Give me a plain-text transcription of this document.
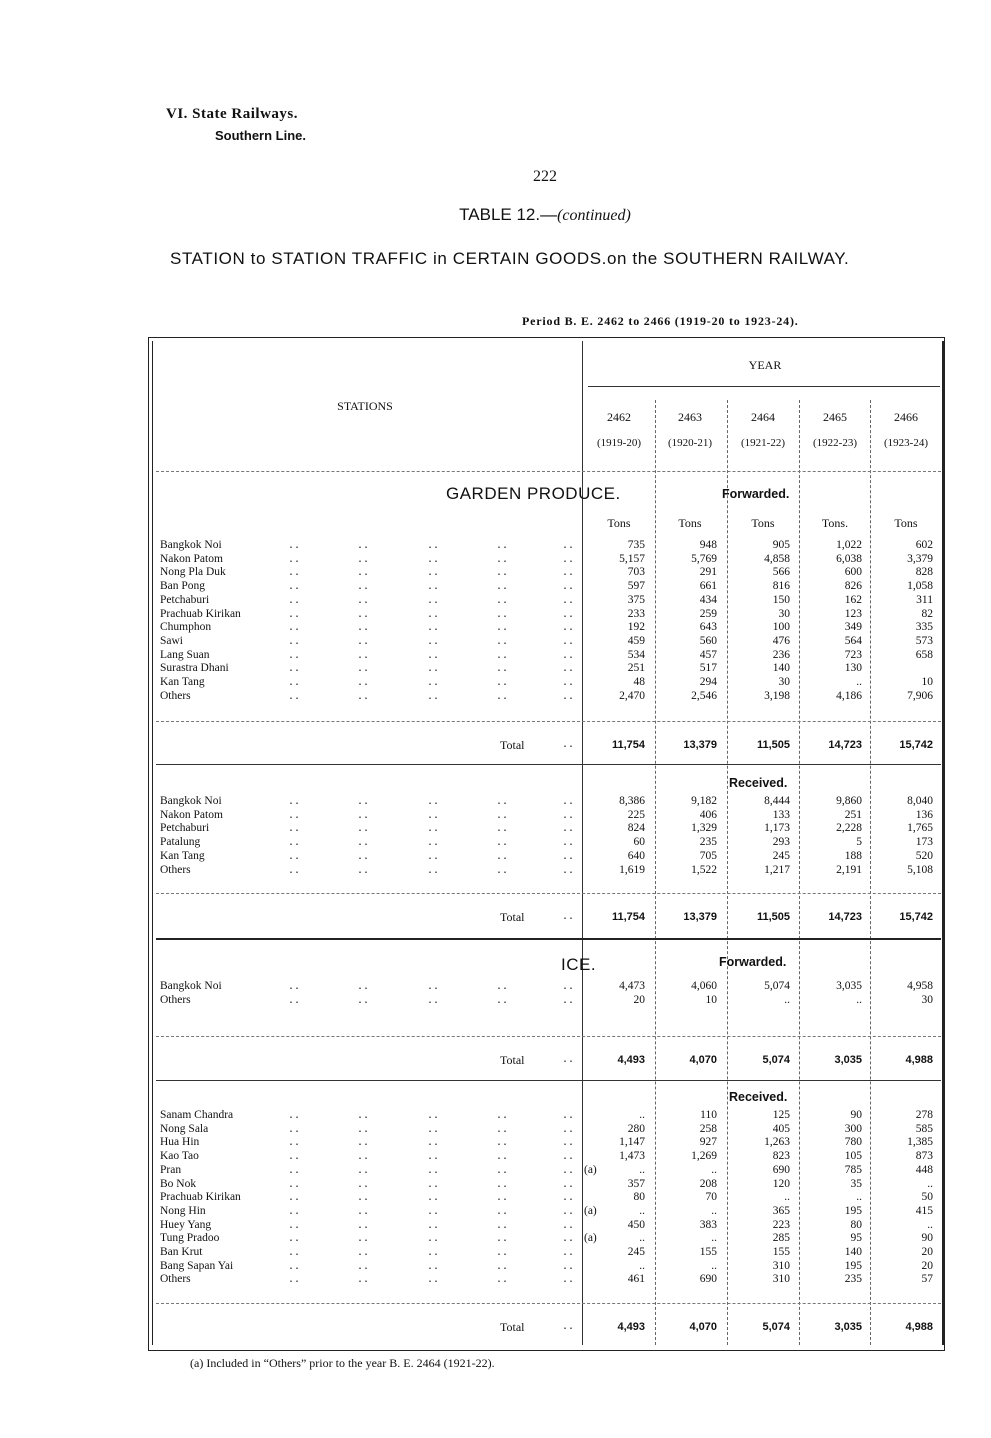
VI. State Railways.
Southern Line.
222
TABLE 12.—(continued)
STATION to STATION TRAFFIC in CERTAIN GOODS.on the SOUTHERN RAILWAY.
Period B. E. 2462 to 2466 (1919-20 to 1923-24).
STATIONS
YEAR
2462
(1919-20)
2463
(1920-21)
2464
(1921-22)
2465
(1922-23)
2466
(1923-24)
Tons	Tons	Tons	Tons.	Tons
GARDEN PRODUCE.	Forwarded.
Bangkok Noi	..	..	..	..	..	735	948	905	1,022	602
Nakon Patom	..	..	..	..	..	5,157	5,769	4,858	6,038	3,379
Nong Pla Duk	..	..	..	..	..	703	291	566	600	828
Ban Pong	..	..	..	..	..	597	661	816	826	1,058
Petchaburi	..	..	..	..	..	375	434	150	162	311
Prachuab Kirikan	..	..	..	..	..	233	259	30	123	82
Chumphon	..	..	..	..	..	192	643	100	349	335
Sawi	..	..	..	..	..	459	560	476	564	573
Lang Suan	..	..	..	..	..	534	457	236	723	658
Surastra Dhani	..	..	..	..	..	251	517	140	130
Kan Tang	..	..	..	..	..	48	294	30	..	10
Others	..	..	..	..	..	2,470	2,546	3,198	4,186	7,906
Total	..	11,754	13,379	11,505	14,723	15,742
Received.
Bangkok Noi	..	..	..	..	..	8,386	9,182	8,444	9,860	8,040
Nakon Patom	..	..	..	..	..	225	406	133	251	136
Petchaburi	..	..	..	..	..	824	1,329	1,173	2,228	1,765
Patalung	..	..	..	..	..	60	235	293	5	173
Kan Tang	..	..	..	..	..	640	705	245	188	520
Others	..	..	..	..	..	1,619	1,522	1,217	2,191	5,108
Total	..	11,754	13,379	11,505	14,723	15,742
ICE.	Forwarded.
Bangkok Noi	..	..	..	..	..	4,473	4,060	5,074	3,035	4,958
Others	..	..	..	..	..	20	10	..	..	30
Total	..	4,493	4,070	5,074	3,035	4,988
Received.
Sanam Chandra	..	..	..	..	..	..	110	125	90	278
Nong Sala	..	..	..	..	..	280	258	405	300	585
Hua Hin	..	..	..	..	..	1,147	927	1,263	780	1,385
Kao Tao	..	..	..	..	..	1,473	1,269	823	105	873
Pran	..	..	..	..	.. (a)	..	..	690	785	448
Bo Nok	..	..	..	..	..	357	208	120	35	..
Prachuab Kirikan	..	..	..	..	..	80	70	..	..	50
Nong Hin	..	..	..	..	.. (a)	..	..	365	195	415
Huey Yang	..	..	..	..	..	450	383	223	80	..
Tung Pradoo	..	..	..	..	.. (a)	..	..	285	95	90
Ban Krut	..	..	..	..	..	245	155	155	140	20
Bang Sapan Yai	..	..	..	..	..	..	..	310	195	20
Others	..	..	..	..	..	461	690	310	235	57
Total	..	4,493	4,070	5,074	3,035	4,988
(a) Included in “Others” prior to the year B. E. 2464 (1921-22).
